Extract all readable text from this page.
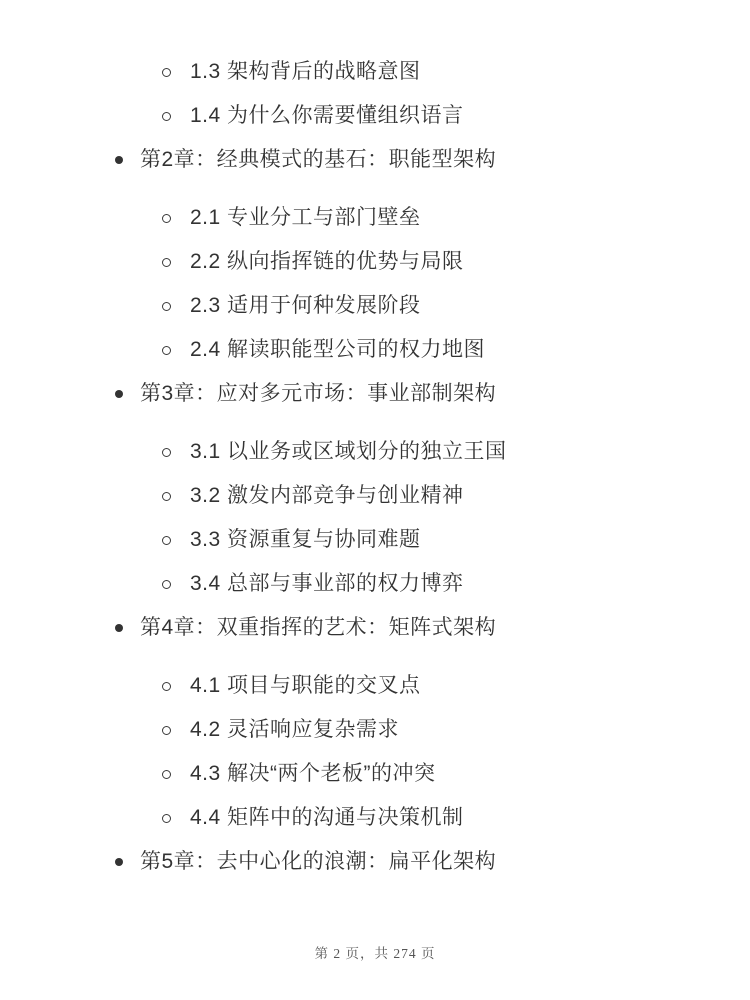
1.3 架构背后的战略意图
1.4 为什么你需要懂组织语言
第2章：经典模式的基石：职能型架构
2.1 专业分工与部门壁垒
2.2 纵向指挥链的优势与局限
2.3 适用于何种发展阶段
2.4 解读职能型公司的权力地图
第3章：应对多元市场：事业部制架构
3.1 以业务或区域划分的独立王国
3.2 激发内部竞争与创业精神
3.3 资源重复与协同难题
3.4 总部与事业部的权力博弈
第4章：双重指挥的艺术：矩阵式架构
4.1 项目与职能的交叉点
4.2 灵活响应复杂需求
4.3 解决“两个老板”的冲突
4.4 矩阵中的沟通与决策机制
第5章：去中心化的浪潮：扁平化架构
第 2 页，共 274 页
